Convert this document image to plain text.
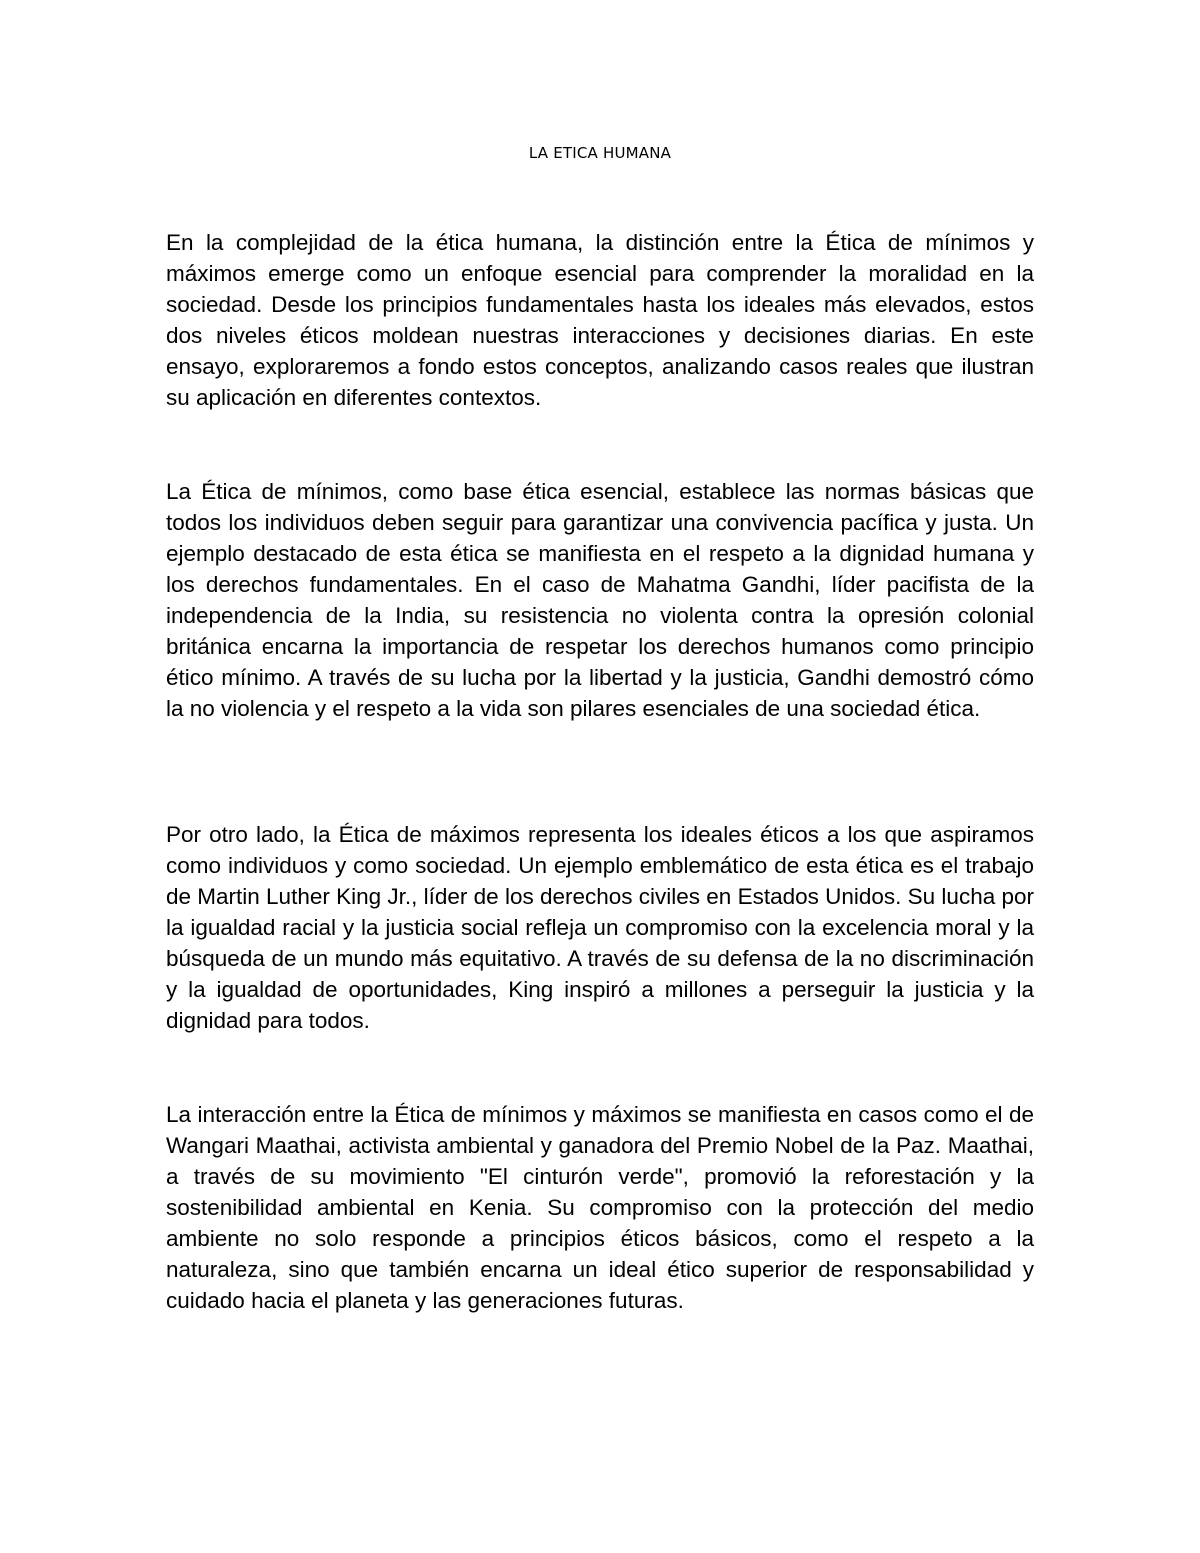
LA ETICA HUMANA

En la complejidad de la ética humana, la distinción entre la Ética de mínimos y máximos emerge como un enfoque esencial para comprender la moralidad en la sociedad. Desde los principios fundamentales hasta los ideales más elevados, estos dos niveles éticos moldean nuestras interacciones y decisiones diarias. En este ensayo, exploraremos a fondo estos conceptos, analizando casos reales que ilustran su aplicación en diferentes contextos.

La Ética de mínimos, como base ética esencial, establece las normas básicas que todos los individuos deben seguir para garantizar una convivencia pacífica y justa. Un ejemplo destacado de esta ética se manifiesta en el respeto a la dignidad humana y los derechos fundamentales. En el caso de Mahatma Gandhi, líder pacifista de la independencia de la India, su resistencia no violenta contra la opresión colonial británica encarna la importancia de respetar los derechos humanos como principio ético mínimo. A través de su lucha por la libertad y la justicia, Gandhi demostró cómo la no violencia y el respeto a la vida son pilares esenciales de una sociedad ética.

Por otro lado, la Ética de máximos representa los ideales éticos a los que aspiramos como individuos y como sociedad. Un ejemplo emblemático de esta ética es el trabajo de Martin Luther King Jr., líder de los derechos civiles en Estados Unidos. Su lucha por la igualdad racial y la justicia social refleja un compromiso con la excelencia moral y la búsqueda de un mundo más equitativo. A través de su defensa de la no discriminación y la igualdad de oportunidades, King inspiró a millones a perseguir la justicia y la dignidad para todos.

La interacción entre la Ética de mínimos y máximos se manifiesta en casos como el de Wangari Maathai, activista ambiental y ganadora del Premio Nobel de la Paz. Maathai, a través de su movimiento "El cinturón verde", promovió la reforestación y la sostenibilidad ambiental en Kenia. Su compromiso con la protección del medio ambiente no solo responde a principios éticos básicos, como el respeto a la naturaleza, sino que también encarna un ideal ético superior de responsabilidad y cuidado hacia el planeta y las generaciones futuras.
